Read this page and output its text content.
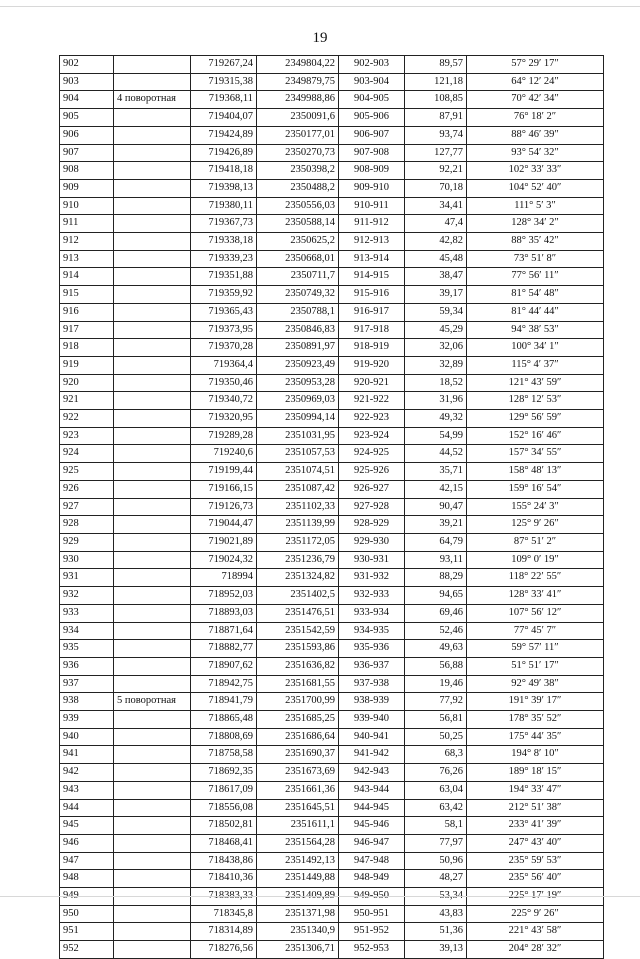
19
902		719267,24	2349804,22	902-903	89,57	57° 29′ 17″
903		719315,38	2349879,75	903-904	121,18	64° 12′ 24″
904	4 поворотная	719368,11	2349988,86	904-905	108,85	70° 42′ 34″
905		719404,07	2350091,6	905-906	87,91	76° 18′ 2″
906		719424,89	2350177,01	906-907	93,74	88° 46′ 39″
907		719426,89	2350270,73	907-908	127,77	93° 54′ 32″
908		719418,18	2350398,2	908-909	92,21	102° 33′ 33″
909		719398,13	2350488,2	909-910	70,18	104° 52′ 40″
910		719380,11	2350556,03	910-911	34,41	111° 5′ 3″
911		719367,73	2350588,14	911-912	47,4	128° 34′ 2″
912		719338,18	2350625,2	912-913	42,82	88° 35′ 42″
913		719339,23	2350668,01	913-914	45,48	73° 51′ 8″
914		719351,88	2350711,7	914-915	38,47	77° 56′ 11″
915		719359,92	2350749,32	915-916	39,17	81° 54′ 48″
916		719365,43	2350788,1	916-917	59,34	81° 44′ 44″
917		719373,95	2350846,83	917-918	45,29	94° 38′ 53″
918		719370,28	2350891,97	918-919	32,06	100° 34′ 1″
919		719364,4	2350923,49	919-920	32,89	115° 4′ 37″
920		719350,46	2350953,28	920-921	18,52	121° 43′ 59″
921		719340,72	2350969,03	921-922	31,96	128° 12′ 53″
922		719320,95	2350994,14	922-923	49,32	129° 56′ 59″
923		719289,28	2351031,95	923-924	54,99	152° 16′ 46″
924		719240,6	2351057,53	924-925	44,52	157° 34′ 55″
925		719199,44	2351074,51	925-926	35,71	158° 48′ 13″
926		719166,15	2351087,42	926-927	42,15	159° 16′ 54″
927		719126,73	2351102,33	927-928	90,47	155° 24′ 3″
928		719044,47	2351139,99	928-929	39,21	125° 9′ 26″
929		719021,89	2351172,05	929-930	64,79	87° 51′ 2″
930		719024,32	2351236,79	930-931	93,11	109° 0′ 19″
931		718994	2351324,82	931-932	88,29	118° 22′ 55″
932		718952,03	2351402,5	932-933	94,65	128° 33′ 41″
933		718893,03	2351476,51	933-934	69,46	107° 56′ 12″
934		718871,64	2351542,59	934-935	52,46	77° 45′ 7″
935		718882,77	2351593,86	935-936	49,63	59° 57′ 11″
936		718907,62	2351636,82	936-937	56,88	51° 51′ 17″
937		718942,75	2351681,55	937-938	19,46	92° 49′ 38″
938	5 поворотная	718941,79	2351700,99	938-939	77,92	191° 39′ 17″
939		718865,48	2351685,25	939-940	56,81	178° 35′ 52″
940		718808,69	2351686,64	940-941	50,25	175° 44′ 35″
941		718758,58	2351690,37	941-942	68,3	194° 8′ 10″
942		718692,35	2351673,69	942-943	76,26	189° 18′ 15″
943		718617,09	2351661,36	943-944	63,04	194° 33′ 47″
944		718556,08	2351645,51	944-945	63,42	212° 51′ 38″
945		718502,81	2351611,1	945-946	58,1	233° 41′ 39″
946		718468,41	2351564,28	946-947	77,97	247° 43′ 40″
947		718438,86	2351492,13	947-948	50,96	235° 59′ 53″
948		718410,36	2351449,88	948-949	48,27	235° 56′ 40″
949		718383,33	2351409,89	949-950	53,34	225° 17′ 19″
950		718345,8	2351371,98	950-951	43,83	225° 9′ 26″
951		718314,89	2351340,9	951-952	51,36	221° 43′ 58″
952		718276,56	2351306,71	952-953	39,13	204° 28′ 32″
